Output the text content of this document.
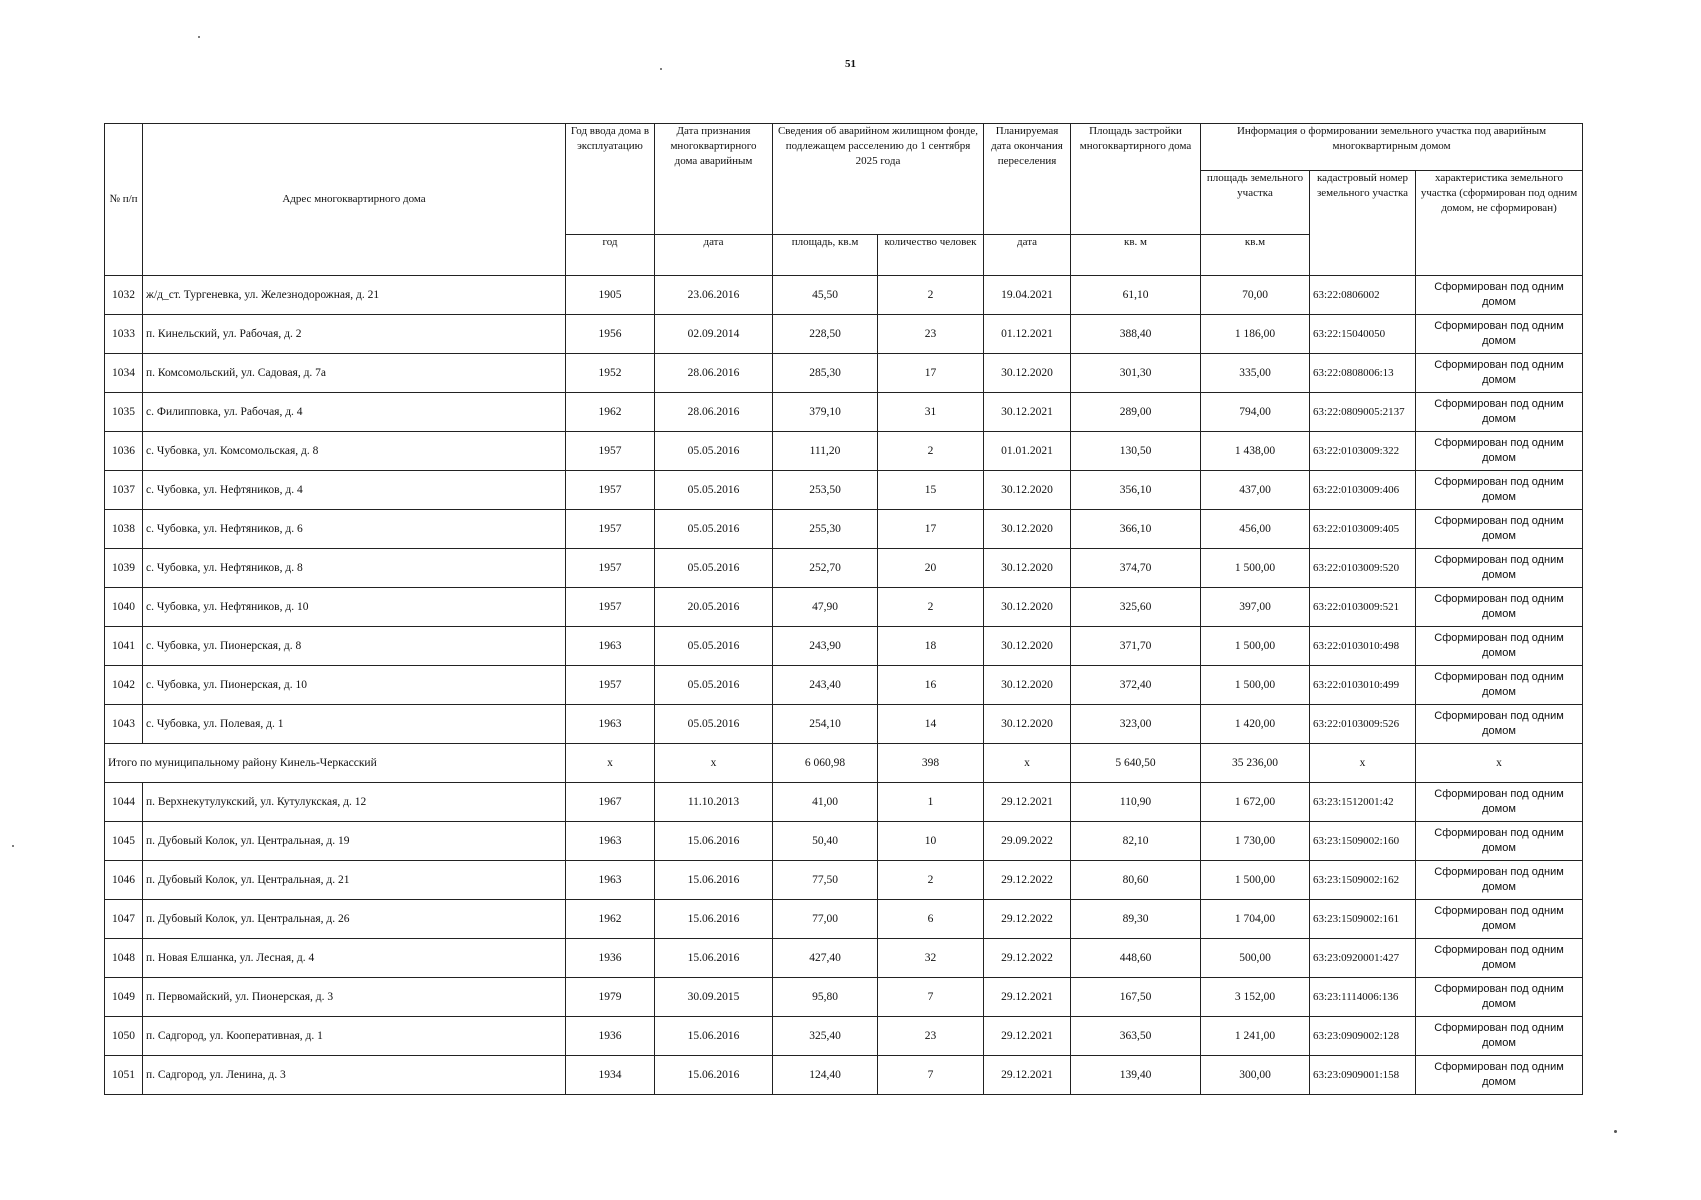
51
№ п/п	Адрес многоквартирного дома	Год ввода дома в эксплуатацию	Дата признания многоквартирного дома аварийным	Сведения об аварийном жилищном фонде, подлежащем расселению до 1 сентября 2025 года		Планируемая дата окончания переселения	Площадь застройки многоквартирного дома	Информация о формировании земельного участка под аварийным многоквартирным домом		
								площадь земельного участка	кадастровый номер земельного участка	характеристика земельного участка (сформирован под одним домом, не сформирован)
		год	дата	площадь, кв.м	количество человек	дата	кв. м	кв.м		
1032	ж/д_ст. Тургеневка, ул. Железнодорожная, д. 21	1905	23.06.2016	45,50	2	19.04.2021	61,10	70,00	63:22:0806002	Сформирован под одним домом
1033	п. Кинельский, ул. Рабочая, д. 2	1956	02.09.2014	228,50	23	01.12.2021	388,40	1 186,00	63:22:15040050	Сформирован под одним домом
1034	п. Комсомольский, ул. Садовая, д. 7а	1952	28.06.2016	285,30	17	30.12.2020	301,30	335,00	63:22:0808006:13	Сформирован под одним домом
1035	с. Филипповка, ул. Рабочая, д. 4	1962	28.06.2016	379,10	31	30.12.2021	289,00	794,00	63:22:0809005:2137	Сформирован под одним домом
1036	с. Чубовка, ул. Комсомольская, д. 8	1957	05.05.2016	111,20	2	01.01.2021	130,50	1 438,00	63:22:0103009:322	Сформирован под одним домом
1037	с. Чубовка, ул. Нефтяников, д. 4	1957	05.05.2016	253,50	15	30.12.2020	356,10	437,00	63:22:0103009:406	Сформирован под одним домом
1038	с. Чубовка, ул. Нефтяников, д. 6	1957	05.05.2016	255,30	17	30.12.2020	366,10	456,00	63:22:0103009:405	Сформирован под одним домом
1039	с. Чубовка, ул. Нефтяников, д. 8	1957	05.05.2016	252,70	20	30.12.2020	374,70	1 500,00	63:22:0103009:520	Сформирован под одним домом
1040	с. Чубовка, ул. Нефтяников, д. 10	1957	20.05.2016	47,90	2	30.12.2020	325,60	397,00	63:22:0103009:521	Сформирован под одним домом
1041	с. Чубовка, ул. Пионерская, д. 8	1963	05.05.2016	243,90	18	30.12.2020	371,70	1 500,00	63:22:0103010:498	Сформирован под одним домом
1042	с. Чубовка, ул. Пионерская, д. 10	1957	05.05.2016	243,40	16	30.12.2020	372,40	1 500,00	63:22:0103010:499	Сформирован под одним домом
1043	с. Чубовка, ул. Полевая, д. 1	1963	05.05.2016	254,10	14	30.12.2020	323,00	1 420,00	63:22:0103009:526	Сформирован под одним домом
Итого по муниципальному району Кинель-Черкасский		x	x	6 060,98	398	x	5 640,50	35 236,00	x	x
1044	п. Верхнекутулукский, ул. Кутулукская, д. 12	1967	11.10.2013	41,00	1	29.12.2021	110,90	1 672,00	63:23:1512001:42	Сформирован под одним домом
1045	п. Дубовый Колок, ул. Центральная, д. 19	1963	15.06.2016	50,40	10	29.09.2022	82,10	1 730,00	63:23:1509002:160	Сформирован под одним домом
1046	п. Дубовый Колок, ул. Центральная, д. 21	1963	15.06.2016	77,50	2	29.12.2022	80,60	1 500,00	63:23:1509002:162	Сформирован под одним домом
1047	п. Дубовый Колок, ул. Центральная, д. 26	1962	15.06.2016	77,00	6	29.12.2022	89,30	1 704,00	63:23:1509002:161	Сформирован под одним домом
1048	п. Новая Елшанка, ул. Лесная, д. 4	1936	15.06.2016	427,40	32	29.12.2022	448,60	500,00	63:23:0920001:427	Сформирован под одним домом
1049	п. Первомайский, ул. Пионерская, д. 3	1979	30.09.2015	95,80	7	29.12.2021	167,50	3 152,00	63:23:1114006:136	Сформирован под одним домом
1050	п. Садгород, ул. Кооперативная, д. 1	1936	15.06.2016	325,40	23	29.12.2021	363,50	1 241,00	63:23:0909002:128	Сформирован под одним домом
1051	п. Садгород, ул. Ленина, д. 3	1934	15.06.2016	124,40	7	29.12.2021	139,40	300,00	63:23:0909001:158	Сформирован под одним домом
